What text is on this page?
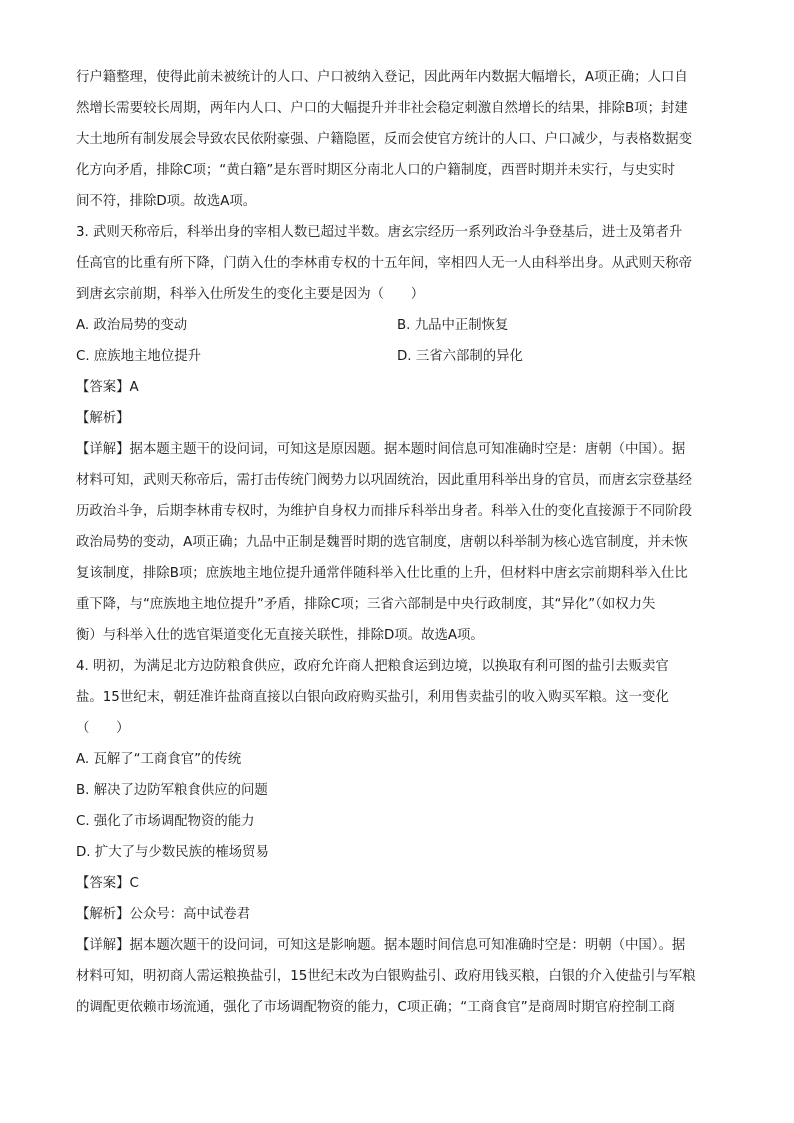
行户籍整理，使得此前未被统计的人口、户口被纳入登记，因此两年内数据大幅增长，A项正确；人口自
然增长需要较长周期，两年内人口、户口的大幅提升并非社会稳定刺激自然增长的结果，排除B项；封建
大土地所有制发展会导致农民依附豪强、户籍隐匿，反而会使官方统计的人口、户口减少，与表格数据变
化方向矛盾，排除C项；“黄白籍”是东晋时期区分南北人口的户籍制度，西晋时期并未实行，与史实时
间不符，排除D项。故选A项。
3. 武则天称帝后，科举出身的宰相人数已超过半数。唐玄宗经历一系列政治斗争登基后，进士及第者升
任高官的比重有所下降，门荫入仕的李林甫专权的十五年间，宰相四人无一人由科举出身。从武则天称帝
到唐玄宗前期，科举入仕所发生的变化主要是因为（　　）
A. 政治局势的变动	B. 九品中正制恢复
C. 庶族地主地位提升	D. 三省六部制的异化
【答案】A
【解析】
【详解】据本题主题干的设问词，可知这是原因题。据本题时间信息可知准确时空是：唐朝（中国）。据
材料可知，武则天称帝后，需打击传统门阀势力以巩固统治，因此重用科举出身的官员，而唐玄宗登基经
历政治斗争，后期李林甫专权时，为维护自身权力而排斥科举出身者。科举入仕的变化直接源于不同阶段
政治局势的变动，A项正确；九品中正制是魏晋时期的选官制度，唐朝以科举制为核心选官制度，并未恢
复该制度，排除B项；庶族地主地位提升通常伴随科举入仕比重的上升，但材料中唐玄宗前期科举入仕比
重下降，与“庶族地主地位提升”矛盾，排除C项；三省六部制是中央行政制度，其“异化”（如权力失
衡）与科举入仕的选官渠道变化无直接关联性，排除D项。故选A项。
4. 明初，为满足北方边防粮食供应，政府允许商人把粮食运到边境，以换取有利可图的盐引去贩卖官
盐。15世纪末，朝廷准许盐商直接以白银向政府购买盐引，利用售卖盐引的收入购买军粮。这一变化
（　　）
A. 瓦解了“工商食官”的传统
B. 解决了边防军粮食供应的问题
C. 强化了市场调配物资的能力
D. 扩大了与少数民族的榷场贸易
【答案】C
【解析】公众号：高中试卷君
【详解】据本题次题干的设问词，可知这是影响题。据本题时间信息可知准确时空是：明朝（中国）。据
材料可知，明初商人需运粮换盐引，15世纪末改为白银购盐引、政府用钱买粮，白银的介入使盐引与军粮
的调配更依赖市场流通，强化了市场调配物资的能力，C项正确；“工商食官”是商周时期官府控制工商
